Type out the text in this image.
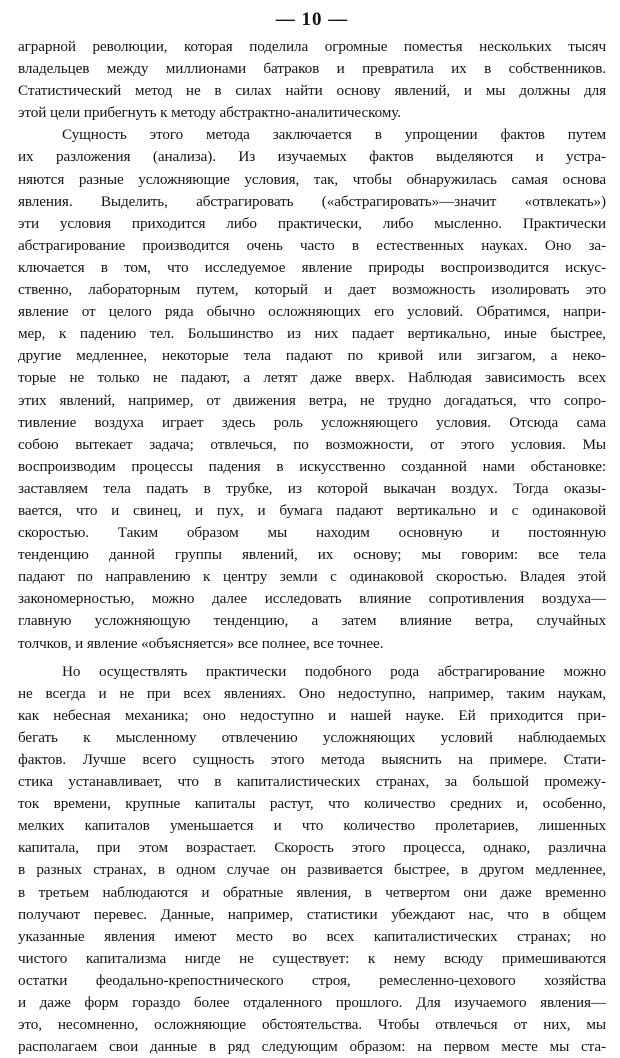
— 10 —
аграрной революции, которая поделила огромные поместья нескольких тысяч
владельцев между миллионами батраков и превратила их в собственников.
Статистический метод не в силах найти основу явлений, и мы должны для
этой цели прибегнуть к методу абстрактно-аналитическому.
Сущность этого метода заключается в упрощении фактов путем
их разложения (анализа). Из изучаемых фактов выделяются и устра-
няются разные усложняющие условия, так, чтобы обнаружилась самая основа
явления. Выделить, абстрагировать («абстрагировать»—значит «отвлекать»)
эти условия приходится либо практически, либо мысленно. Практически
абстрагирование производится очень часто в естественных науках. Оно за-
ключается в том, что исследуемое явление природы воспроизводится искус-
ственно, лабораторным путем, который и дает возможность изолировать это
явление от целого ряда обычно осложняющих его условий. Обратимся, напри-
мер, к падению тел. Большинство из них падает вертикально, иные быстрее,
другие медленнее, некоторые тела падают по кривой или зигзагом, а неко-
торые не только не падают, а летят даже вверх. Наблюдая зависимость всех
этих явлений, например, от движения ветра, не трудно догадаться, что сопро-
тивление воздуха играет здесь роль усложняющего условия. Отсюда сама
собою вытекает задача; отвлечься, по возможности, от этого условия. Мы
воспроизводим процессы падения в искусственно созданной нами обстановке:
заставляем тела падать в трубке, из которой выкачан воздух. Тогда оказы-
вается, что и свинец, и пух, и бумага падают вертикально и с одинаковой
скоростью. Таким образом мы находим основную и постоянную
тенденцию данной группы явлений, их основу; мы говорим: все тела
падают по направлению к центру земли с одинаковой скоростью. Владея этой
закономерностью, можно далее исследовать влияние сопротивления воздуха—
главную усложняющую тенденцию, а затем влияние ветра, случайных
толчков, и явление «объясняется» все полнее, все точнее.
Но осуществлять практически подобного рода абстрагирование можно
не всегда и не при всех явлениях. Оно недоступно, например, таким наукам,
как небесная механика; оно недоступно и нашей науке. Ей приходится при-
бегать к мысленному отвлечению усложняющих условий наблюдаемых
фактов. Лучше всего сущность этого метода выяснить на примере. Стати-
стика устанавливает, что в капиталистических странах, за большой промежу-
ток времени, крупные капиталы растут, что количество средних и, особенно,
мелких капиталов уменьшается и что количество пролетариев, лишенных
капитала, при этом возрастает. Скорость этого процесса, однако, различна
в разных странах, в одном случае он развивается быстрее, в другом медленнее,
в третьем наблюдаются и обратные явления, в четвертом они даже временно
получают перевес. Данные, например, статистики убеждают нас, что в общем
указанные явления имеют место во всех капиталистических странах; но
чистого капитализма нигде не существует: к нему всюду примешиваются
остатки феодально-крепостнического строя, ремесленно-цехового хозяйства
и даже форм гораздо более отдаленного прошлого. Для изучаемого явления—
это, несомненно, осложняющие обстоятельства. Чтобы отвлечься от них, мы
располагаем свои данные в ряд следующим образом: на первом месте мы ста-
